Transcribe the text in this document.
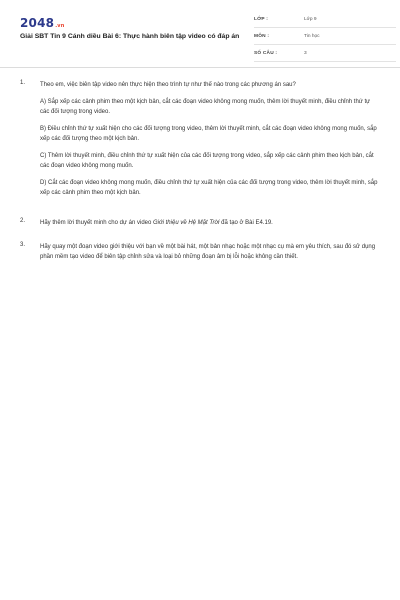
2048.vn
Giải SBT Tin 9 Cánh diều Bài 6: Thực hành biên tập video có đáp án
LỚP :	Lớp 9
MÔN :	Tin học
SỐ CÂU :	3
1. Theo em, việc biên tập video nên thực hiện theo trình tự như thế nào trong các phương án sau?
A) Sắp xếp các cảnh phim theo một kịch bản, cắt các đoạn video không mong muốn, thêm lời thuyết minh, điều chỉnh thứ tự các đối tượng trong video.
B) Điều chỉnh thứ tự xuất hiện cho các đối tượng trong video, thêm lời thuyết minh, cắt các đoạn video không mong muốn, sắp xếp các đối tượng theo một kịch bản.
C) Thêm lời thuyết minh, điều chỉnh thứ tự xuất hiện của các đối tượng trong video, sắp xếp các cảnh phim theo kịch bản, cắt các đoạn video không mong muốn.
D) Cắt các đoạn video không mong muốn, điều chỉnh thứ tự xuất hiện của các đối tượng trong video, thêm lời thuyết minh, sắp xếp các cảnh phim theo một kịch bản.
2. Hãy thêm lời thuyết minh cho dự án video Giới thiệu về Hệ Mặt Trời đã tạo ở Bài E4.19.
3. Hãy quay một đoạn video giới thiệu với bạn về một bài hát, một bản nhạc hoặc một nhạc cụ mà em yêu thích, sau đó sử dụng phần mềm tạo video để biên tập chỉnh sửa và loại bỏ những đoạn âm bị lỗi hoặc không cần thiết.
